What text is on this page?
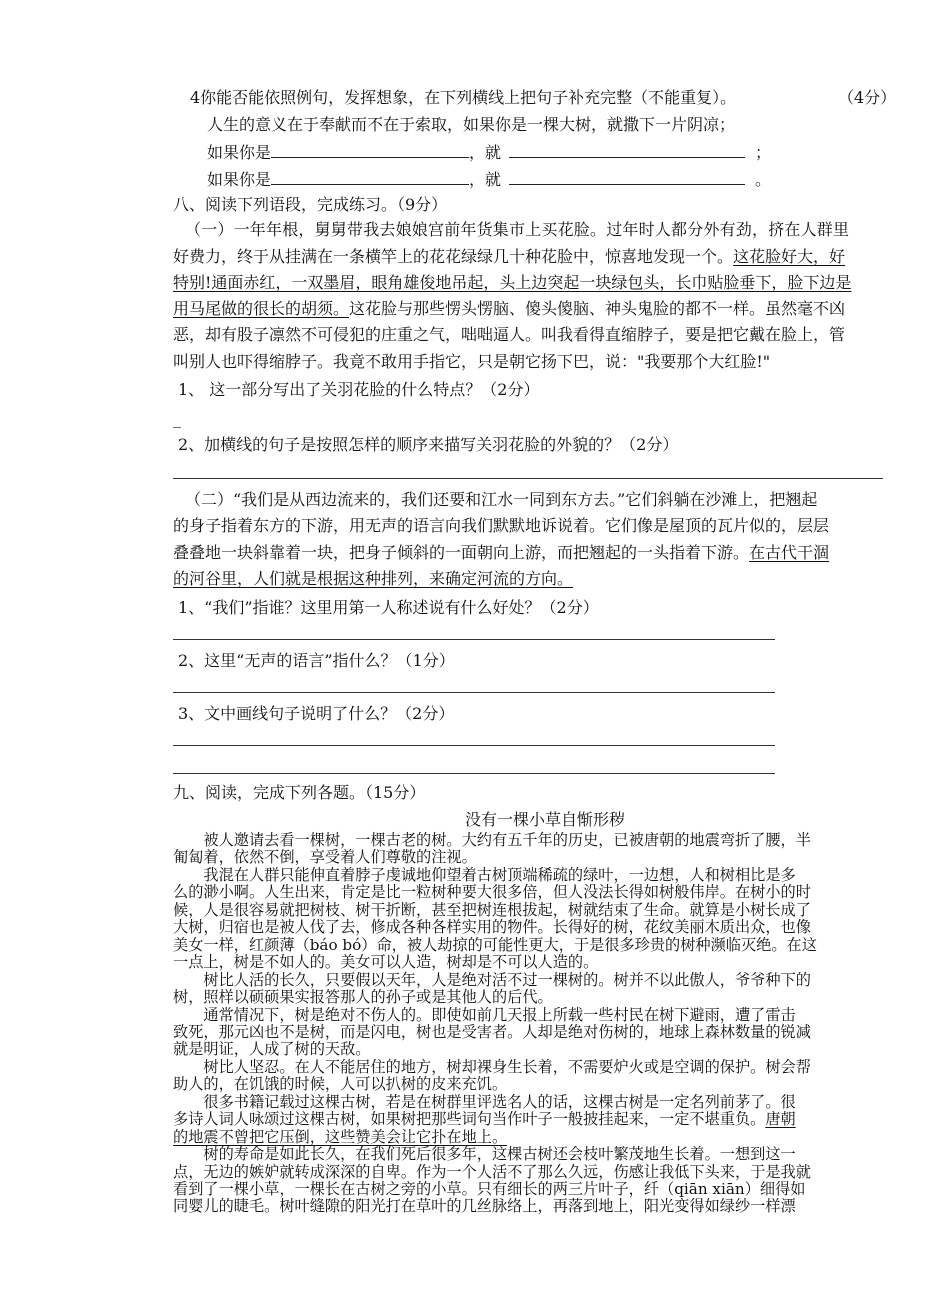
4你能否能依照例句，发挥想象，在下列横线上把句子补充完整（不能重复）。	（4分）
人生的意义在于奉献而不在于索取，如果你是一棵大树，就撒下一片阴凉；
如果你是	，就	；
如果你是	，就	。
八、阅读下列语段，完成练习。（9分）
（一）一年年根，舅舅带我去娘娘宫前年货集市上买花脸。过年时人都分外有劲，挤在人群里
好费力，终于从挂满在一条横竿上的花花绿绿几十种花脸中，惊喜地发现一个。这花脸好大，好
特别!通面赤红，一双墨眉，眼角雄俊地吊起，头上边突起一块绿包头，长巾贴脸垂下，脸下边是
用马尾做的很长的胡须。这花脸与那些愣头愣脑、傻头傻脑、神头鬼脸的都不一样。虽然毫不凶
恶，却有股子凛然不可侵犯的庄重之气，咄咄逼人。叫我看得直缩脖子，要是把它戴在脸上，管
叫别人也吓得缩脖子。我竟不敢用手指它，只是朝它扬下巴，说："我要那个大红脸!"
1、 这一部分写出了关羽花脸的什么特点？（2分）
_
2、加横线的句子是按照怎样的顺序来描写关羽花脸的外貌的？（2分）
（二）“我们是从西边流来的，我们还要和江水一同到东方去。”它们斜躺在沙滩上，把翘起
的身子指着东方的下游，用无声的语言向我们默默地诉说着。它们像是屋顶的瓦片似的，层层
叠叠地一块斜靠着一块，把身子倾斜的一面朝向上游，而把翘起的一头指着下游。在古代干涸
的河谷里，人们就是根据这种排列，来确定河流的方向。
1、“我们”指谁？这里用第一人称述说有什么好处？（2分）
2、这里“无声的语言”指什么？（1分）
3、文中画线句子说明了什么？（2分）
九、阅读，完成下列各题。（15分）
没有一棵小草自惭形秽
　　被人邀请去看一棵树，一棵古老的树。大约有五千年的历史，已被唐朝的地震弯折了腰，半
匍匐着，依然不倒，享受着人们尊敬的注视。
　　我混在人群只能伸直着脖子虔诚地仰望着古树顶端稀疏的绿叶，一边想，人和树相比是多
么的渺小啊。人生出来，肯定是比一粒树种要大很多倍，但人没法长得如树般伟岸。在树小的时
候，人是很容易就把树枝、树干折断，甚至把树连根拔起，树就结束了生命。就算是小树长成了
大树，归宿也是被人伐了去，修成各种各样实用的物件。长得好的树，花纹美丽木质出众，也像
美女一样，红颜薄（báo bó）命，被人劫掠的可能性更大，于是很多珍贵的树种濒临灭绝。在这
一点上，树是不如人的。美女可以人造，树却是不可以人造的。
　　树比人活的长久，只要假以天年，人是绝对活不过一棵树的。树并不以此傲人，爷爷种下的
树，照样以硕硕果实报答那人的孙子或是其他人的后代。
　　通常情况下，树是绝对不伤人的。即使如前几天报上所载一些村民在树下避雨，遭了雷击
致死，那元凶也不是树，而是闪电，树也是受害者。人却是绝对伤树的，地球上森林数量的锐减
就是明证，人成了树的天敌。
　　树比人坚忍。在人不能居住的地方，树却裸身生长着，不需要炉火或是空调的保护。树会帮
助人的，在饥饿的时候，人可以扒树的皮来充饥。
　　很多书籍记载过这棵古树，若是在树群里评选名人的话，这棵古树是一定名列前茅了。很
多诗人词人咏颂过这棵古树，如果树把那些词句当作叶子一般披挂起来，一定不堪重负。唐朝
的地震不曾把它压倒，这些赞美会让它扑在地上。
　　树的寿命是如此长久，在我们死后很多年，这棵古树还会枝叶繁茂地生长着。一想到这一
点，无边的嫉妒就转成深深的自卑。作为一个人活不了那么久远，伤感让我低下头来，于是我就
看到了一棵小草，一棵长在古树之旁的小草。只有细长的两三片叶子，纤（qiān xiān）细得如
同婴儿的睫毛。树叶缝隙的阳光打在草叶的几丝脉络上，再落到地上，阳光变得如绿纱一样漂
